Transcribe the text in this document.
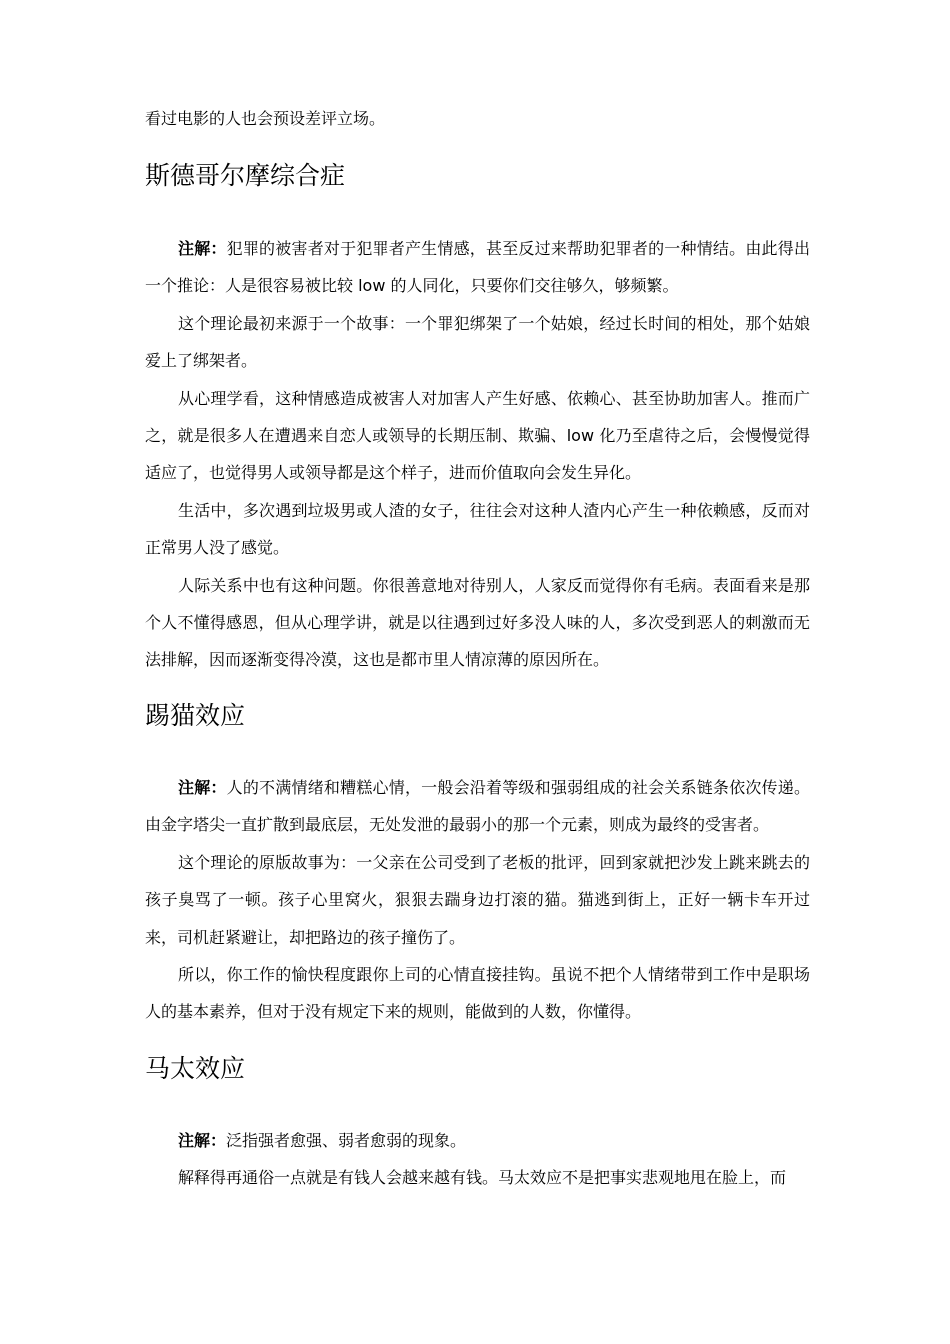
看过电影的人也会预设差评立场。

斯德哥尔摩综合症

注解：犯罪的被害者对于犯罪者产生情感，甚至反过来帮助犯罪者的一种情结。由此得出一个推论：人是很容易被比较 low 的人同化，只要你们交往够久，够频繁。

这个理论最初来源于一个故事：一个罪犯绑架了一个姑娘，经过长时间的相处，那个姑娘爱上了绑架者。

从心理学看，这种情感造成被害人对加害人产生好感、依赖心、甚至协助加害人。推而广之，就是很多人在遭遇来自恋人或领导的长期压制、欺骗、low 化乃至虐待之后，会慢慢觉得适应了，也觉得男人或领导都是这个样子，进而价值取向会发生异化。

生活中，多次遇到垃圾男或人渣的女子，往往会对这种人渣内心产生一种依赖感，反而对正常男人没了感觉。

人际关系中也有这种问题。你很善意地对待别人，人家反而觉得你有毛病。表面看来是那个人不懂得感恩，但从心理学讲，就是以往遇到过好多没人味的人，多次受到恶人的刺激而无法排解，因而逐渐变得冷漠，这也是都市里人情凉薄的原因所在。

踢猫效应

注解：人的不满情绪和糟糕心情，一般会沿着等级和强弱组成的社会关系链条依次传递。由金字塔尖一直扩散到最底层，无处发泄的最弱小的那一个元素，则成为最终的受害者。

这个理论的原版故事为：一父亲在公司受到了老板的批评，回到家就把沙发上跳来跳去的孩子臭骂了一顿。孩子心里窝火，狠狠去踹身边打滚的猫。猫逃到街上，正好一辆卡车开过来，司机赶紧避让，却把路边的孩子撞伤了。

所以，你工作的愉快程度跟你上司的心情直接挂钩。虽说不把个人情绪带到工作中是职场人的基本素养，但对于没有规定下来的规则，能做到的人数，你懂得。

马太效应

注解：泛指强者愈强、弱者愈弱的现象。

解释得再通俗一点就是有钱人会越来越有钱。马太效应不是把事实悲观地甩在脸上，而
